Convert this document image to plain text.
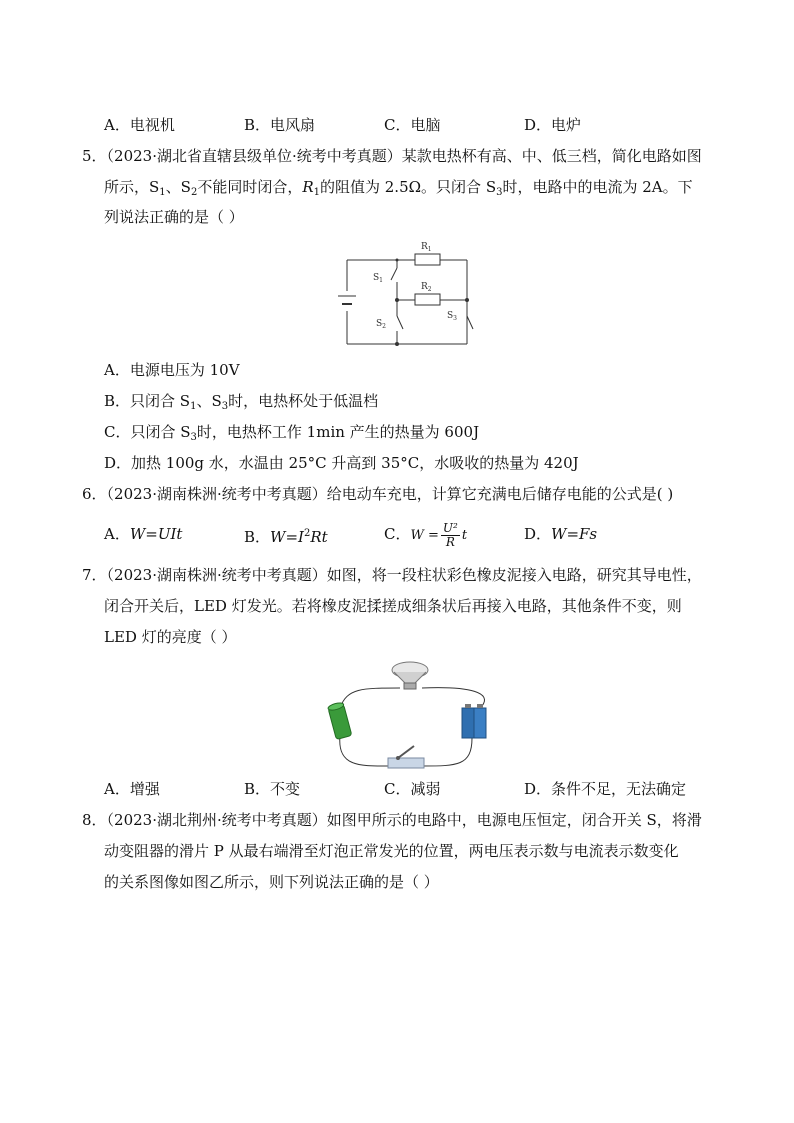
A．电视机	B．电风扇	C．电脑	D．电炉
5．（2023·湖北省直辖县级单位·统考中考真题）某款电热杯有高、中、低三档，简化电路如图
所示，$S_1$、$S_2$不能同时闭合，$R_1$的阻值为 2.5Ω。只闭合 $S_3$时，电路中的电流为 2A。下
列说法正确的是（ ）
$R_1$
$R_2$
$S_1$
$S_2$
$S_3$
A．电源电压为 10V
B．只闭合 $S_1$、$S_3$时，电热杯处于低温档
C．只闭合 $S_3$时，电热杯工作 1min 产生的热量为 600J
D．加热 100g 水，水温由 25°C 升高到 35°C，水吸收的热量为 420J
6．（2023·湖南株洲·统考中考真题）给电动车充电，计算它充满电后储存电能的公式是( )
A．W=UIt	B．$W=I^2Rt$	C．$W = \frac{\text{U²}}{R}$ t	D．W=Fs
7．（2023·湖南株洲·统考中考真题）如图，将一段柱状彩色橡皮泥接入电路，研究其导电性，
闭合开关后，LED 灯发光。若将橡皮泥揉搓成细条状后再接入电路，其他条件不变，则
LED 灯的亮度（ ）
A．增强	B．不变	C．减弱	D．条件不足，无法确定
8．（2023·湖北荆州·统考中考真题）如图甲所示的电路中，电源电压恒定，闭合开关 S，将滑
动变阻器的滑片 P 从最右端滑至灯泡正常发光的位置，两电压表示数与电流表示数变化
的关系图像如图乙所示，则下列说法正确的是（ ）
